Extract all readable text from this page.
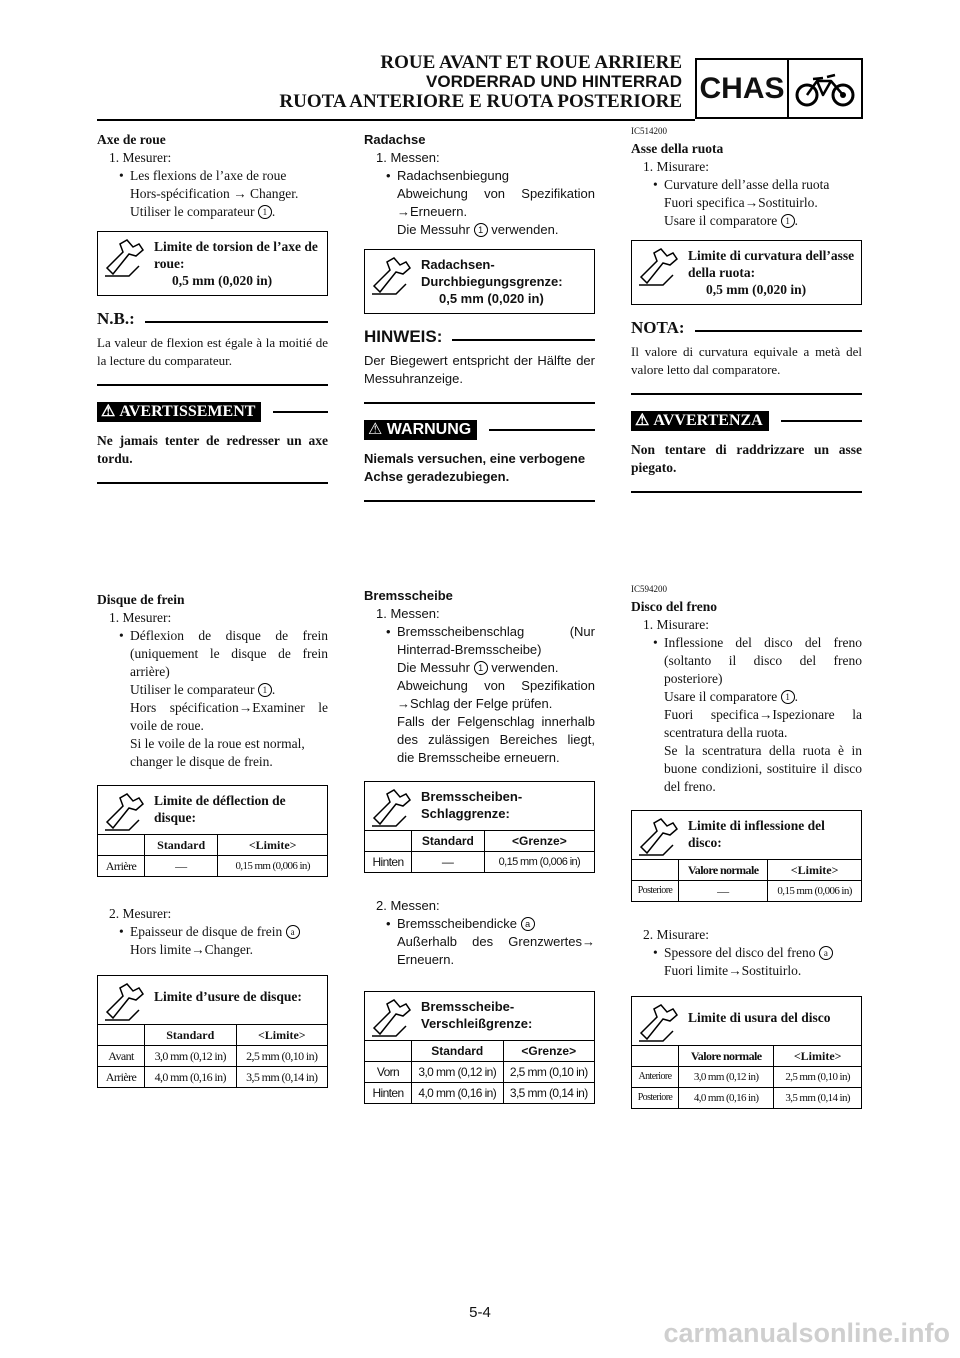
ROUE AVANT ET ROUE ARRIERE
VORDERRAD UND HINTERRAD
RUOTA ANTERIORE E RUOTA POSTERIORE CHAS
Axe de roue
1. Mesurer:
• Les flexions de l’axe de roue
Hors-spécification → Changer.
Utiliser le comparateur 1 .
Limite de torsion de l’axe de roue:
0,5 mm (0,020 in)
N.B.:
La valeur de flexion est égale à la moitié de la lecture du comparateur.
⚠
AVERTISSEMENT
Ne jamais tenter de redresser un axe tordu.
Disque de frein
1. Mesurer:
• Déflexion de disque de frein (uniquement le disque de frein arrière)
Utiliser le comparateur 1 .
Hors spécification→Examiner le voile de roue.
Si le voile de la roue est normal, changer le disque de frein.
Limite de déflection de disque:
	Standard	<Limite>
Arrière	—	0,15 mm (0,006 in)
2. Mesurer:
• Epaisseur de disque de frein a
Hors limite→Changer.
Limite d’usure de disque:
	Standard	<Limite>
Avant	3,0 mm (0,12 in)	2,5 mm (0,10 in)
Arrière	4,0 mm (0,16 in)	3,5 mm (0,14 in)
Radachse
1. Messen:
• Radachsenbiegung
Abweichung von Spezifikation →Erneuern.
Die Messuhr 1 verwenden.
Radachsen-Durchbiegungsgrenze:
0,5 mm (0,020 in)
HINWEIS:
Der Biegewert entspricht der Hälfte der Messuhranzeige.
⚠
WARNUNG
Niemals versuchen, eine verbogene Achse geradezubiegen.
Bremsscheibe
1. Messen:
• Bremsscheibenschlag (Nur Hinterrad-Bremsscheibe)
Die Messuhr 1 verwenden.
Abweichung von Spezifikation →Schlag der Felge prüfen.
Falls der Felgenschlag innerhalb des zulässigen Bereiches liegt, die Bremsscheibe erneuern.
Bremsscheiben-Schlaggrenze:
	Standard	<Grenze>
Hinten	—	0,15 mm (0,006 in)
2. Messen:
• Bremsscheibendicke a
Außerhalb des Grenzwertes→ Erneuern.
Bremsscheibe-Verschleißgrenze:
	Standard	<Grenze>
Vorn	3,0 mm (0,12 in)	2,5 mm (0,10 in)
Hinten	4,0 mm (0,16 in)	3,5 mm (0,14 in)
IC514200
Asse della ruota
1. Misurare:
• Curvature dell’asse della ruota
Fuori specifica→Sostituirlo.
Usare il comparatore 1 .
Limite di curvatura dell’asse della ruota:
0,5 mm (0,020 in)
NOTA:
Il valore di curvatura equivale a metà del valore letto dal comparatore.
⚠
AVVERTENZA
Non tentare di raddrizzare un asse piegato.
IC594200
Disco del freno
1. Misurare:
• Inflessione del disco del freno (soltanto il disco del freno posteriore)
Usare il comparatore 1 .
Fuori specifica→Ispezionare la scentratura della ruota.
Se la scentratura della ruota è in buone condizioni, sostituire il disco del freno.
Limite di inflessione del disco:
	Valore normale	<Limite>
Posteriore	—	0,15 mm (0,006 in)
2. Misurare:
• Spessore del disco del freno a
Fuori limite→Sostituirlo.
Limite di usura del disco
	Valore normale	<Limite>
Anteriore	3,0 mm (0,12 in)	2,5 mm (0,10 in)
Posteriore	4,0 mm (0,16 in)	3,5 mm (0,14 in)
5-4
carmanualsonline.info
